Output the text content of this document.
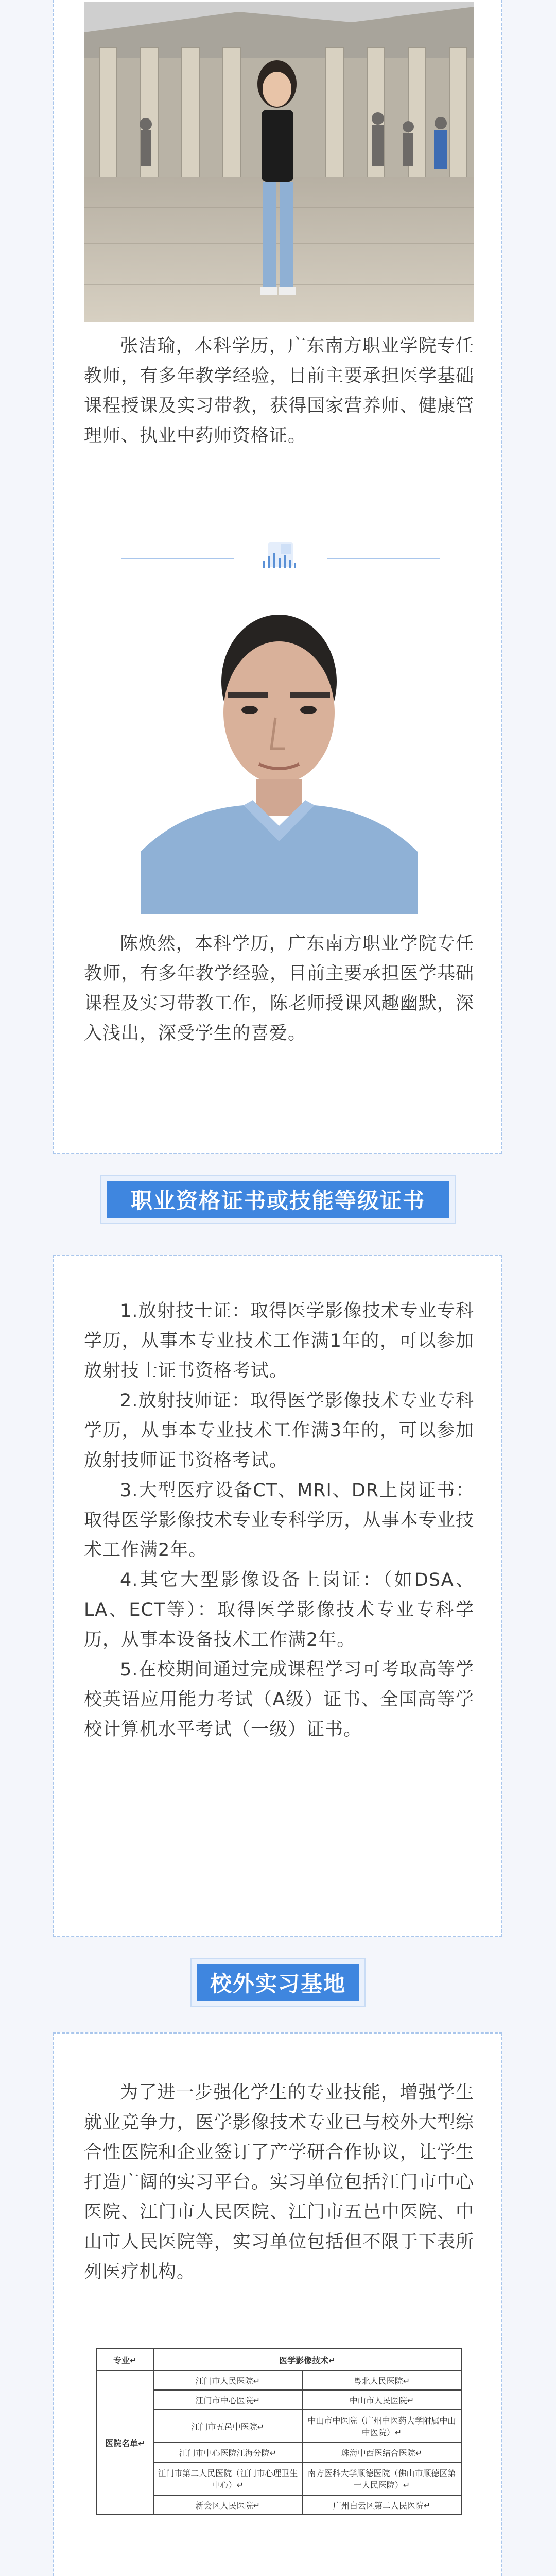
张洁瑜，本科学历，广东南方职业学院专任教师，有多年教学经验，目前主要承担医学基础课程授课及实习带教，获得国家营养师、健康管理师、执业中药师资格证。

陈焕然，本科学历，广东南方职业学院专任教师，有多年教学经验，目前主要承担医学基础课程及实习带教工作，陈老师授课风趣幽默，深入浅出，深受学生的喜爱。

职业资格证书或技能等级证书

1.放射技士证：取得医学影像技术专业专科学历，从事本专业技术工作满1年的，可以参加放射技士证书资格考试。

2.放射技师证：取得医学影像技术专业专科学历，从事本专业技术工作满3年的，可以参加放射技师证书资格考试。

3.大型医疗设备CT、MRI、DR上岗证书：取得医学影像技术专业专科学历，从事本专业技术工作满2年。

4.其它大型影像设备上岗证：（如DSA、LA、ECT等）：取得医学影像技术专业专科学历，从事本设备技术工作满2年。

5.在校期间通过完成课程学习可考取高等学校英语应用能力考试（A级）证书、全国高等学校计算机水平考试（一级）证书。

校外实习基地

为了进一步强化学生的专业技能，增强学生就业竞争力，医学影像技术专业已与校外大型综合性医院和企业签订了产学研合作协议，让学生打造广阔的实习平台。实习单位包括江门市中心医院、江门市人民医院、江门市五邑中医院、中山市人民医院等，实习单位包括但不限于下表所列医疗机构。

专业↵	医学影像技术↵	
医院名单↵	江门市人民医院↵	粤北人民医院↵
	江门市中心医院↵	中山市人民医院↵
	江门市五邑中医院↵	中山市中医院（广州中医药大学附属中山中医院）↵
	江门市中心医院江海分院↵	珠海中西医结合医院↵
	江门市第二人民医院（江门市心理卫生中心）↵	南方医科大学顺德医院（佛山市顺德区第一人民医院）↵
	新会区人民医院↵	广州白云区第二人民医院↵
